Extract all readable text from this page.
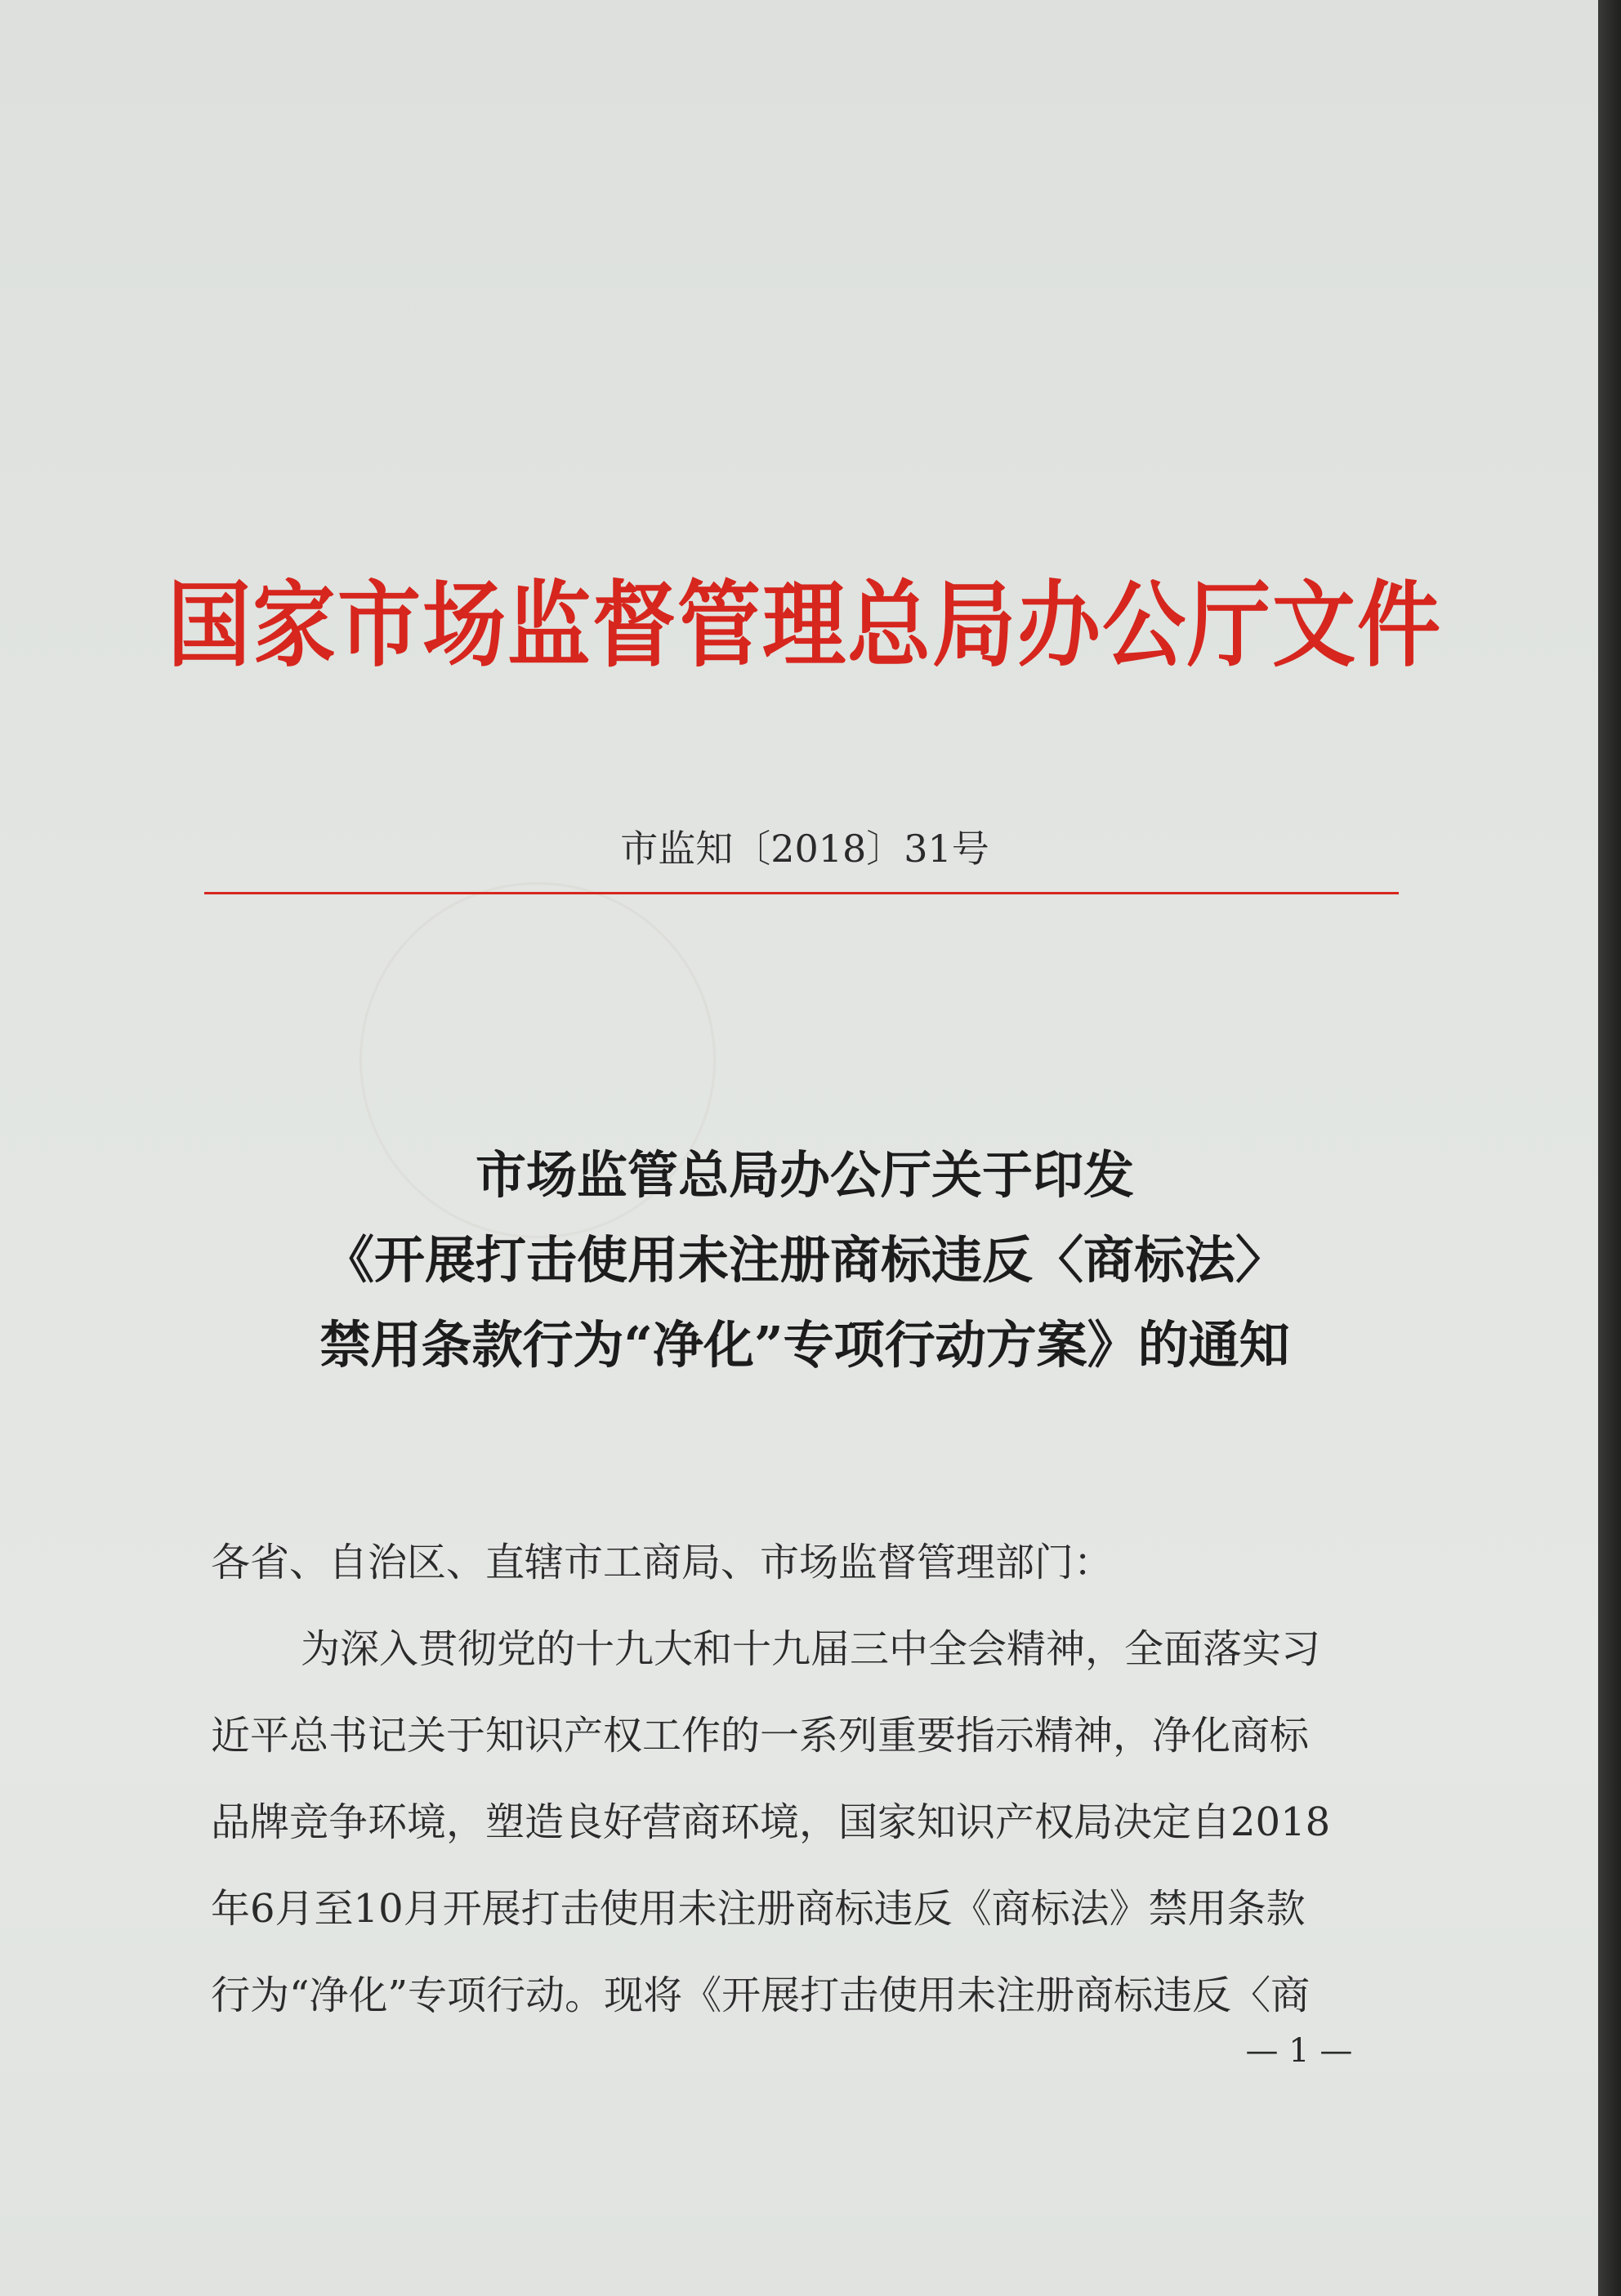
国家市场监督管理总局办公厅文件
市监知〔2018〕31号
市场监管总局办公厅关于印发
《开展打击使用未注册商标违反〈商标法〉
禁用条款行为“净化”专项行动方案》的通知
各省、自治区、直辖市工商局、市场监督管理部门：
为深入贯彻党的十九大和十九届三中全会精神，全面落实习
近平总书记关于知识产权工作的一系列重要指示精神，净化商标
品牌竞争环境，塑造良好营商环境，国家知识产权局决定自2018
年6月至10月开展打击使用未注册商标违反《商标法》禁用条款
行为“净化”专项行动。现将《开展打击使用未注册商标违反〈商
— 1 —
